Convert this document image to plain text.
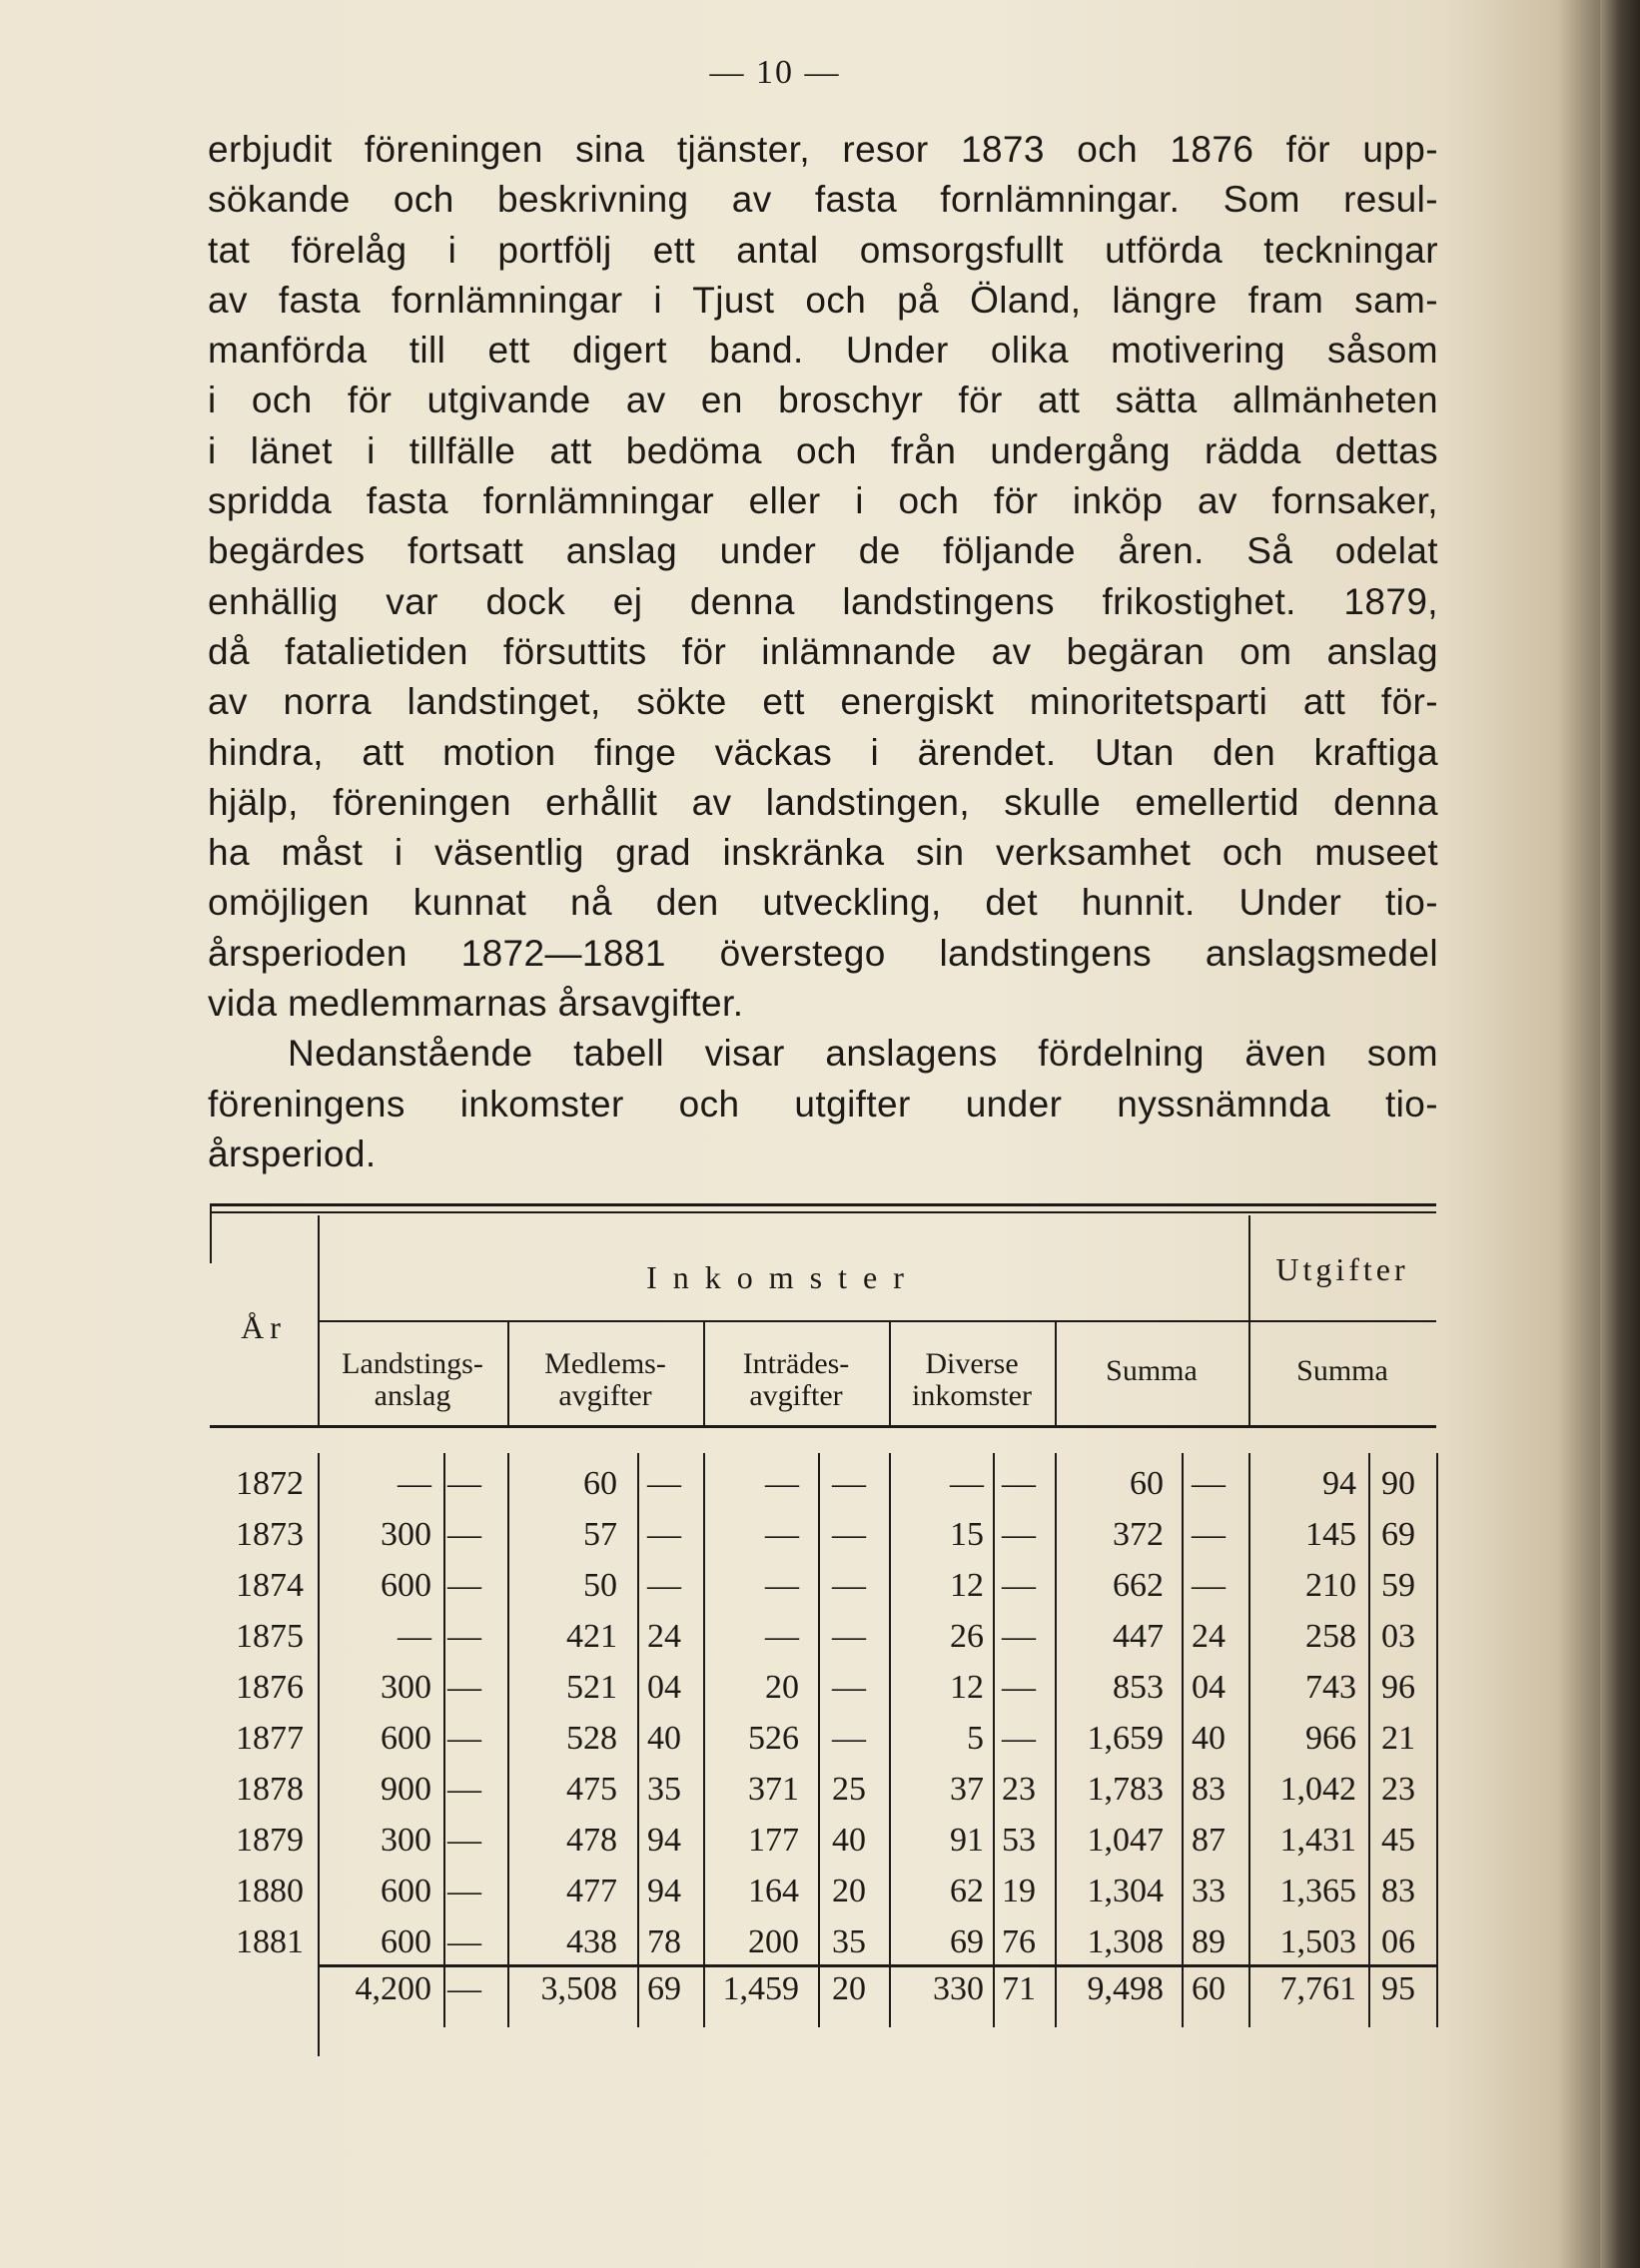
— 10 —
erbjudit föreningen sina tjänster, resor 1873 och 1876 för upp-
sökande och beskrivning av fasta fornlämningar. Som resul-
tat förelåg i portfölj ett antal omsorgsfullt utförda teckningar
av fasta fornlämningar i Tjust och på Öland, längre fram sam-
manförda till ett digert band. Under olika motivering såsom
i och för utgivande av en broschyr för att sätta allmänheten
i länet i tillfälle att bedöma och från undergång rädda dettas
spridda fasta fornlämningar eller i och för inköp av fornsaker,
begärdes fortsatt anslag under de följande åren. Så odelat
enhällig var dock ej denna landstingens frikostighet. 1879,
då fatalietiden försuttits för inlämnande av begäran om anslag
av norra landstinget, sökte ett energiskt minoritetsparti att för-
hindra, att motion finge väckas i ärendet. Utan den kraftiga
hjälp, föreningen erhållit av landstingen, skulle emellertid denna
ha måst i väsentlig grad inskränka sin verksamhet och museet
omöjligen kunnat nå den utveckling, det hunnit. Under tio-
årsperioden 1872—1881 överstego landstingens anslagsmedel
vida medlemmarnas årsavgifter.
Nedanstående tabell visar anslagens fördelning även som
föreningens inkomster och utgifter under nyssnämnda tio-
årsperiod.
År
Inkomster	Utgifter
Landstings-
anslag
Medlems-
avgifter
Inträdes-
avgifter
Diverse
inkomster
Summa	Summa
1872	— —	60 —	— —	— —	60 —	94 90
1873	300 —	57 —	— —	15 —	372 —	145 69
1874	600 —	50 —	— —	12 —	662 —	210 59
1875	— —	421 24	— —	26 —	447 24	258 03
1876	300 —	521 04	20 —	12 —	853 04	743 96
1877	600 —	528 40	526 —	5 —	1,659 40	966 21
1878	900 —	475 35	371 25	37 23	1,783 83	1,042 23
1879	300 —	478 94	177 40	91 53	1,047 87	1,431 45
1880	600 —	477 94	164 20	62 19	1,304 33	1,365 83
1881	600 —	438 78	200 35	69 76	1,308 89	1,503 06
4,200 —	3,508 69	1,459 20	330 71	9,498 60	7,761 95
